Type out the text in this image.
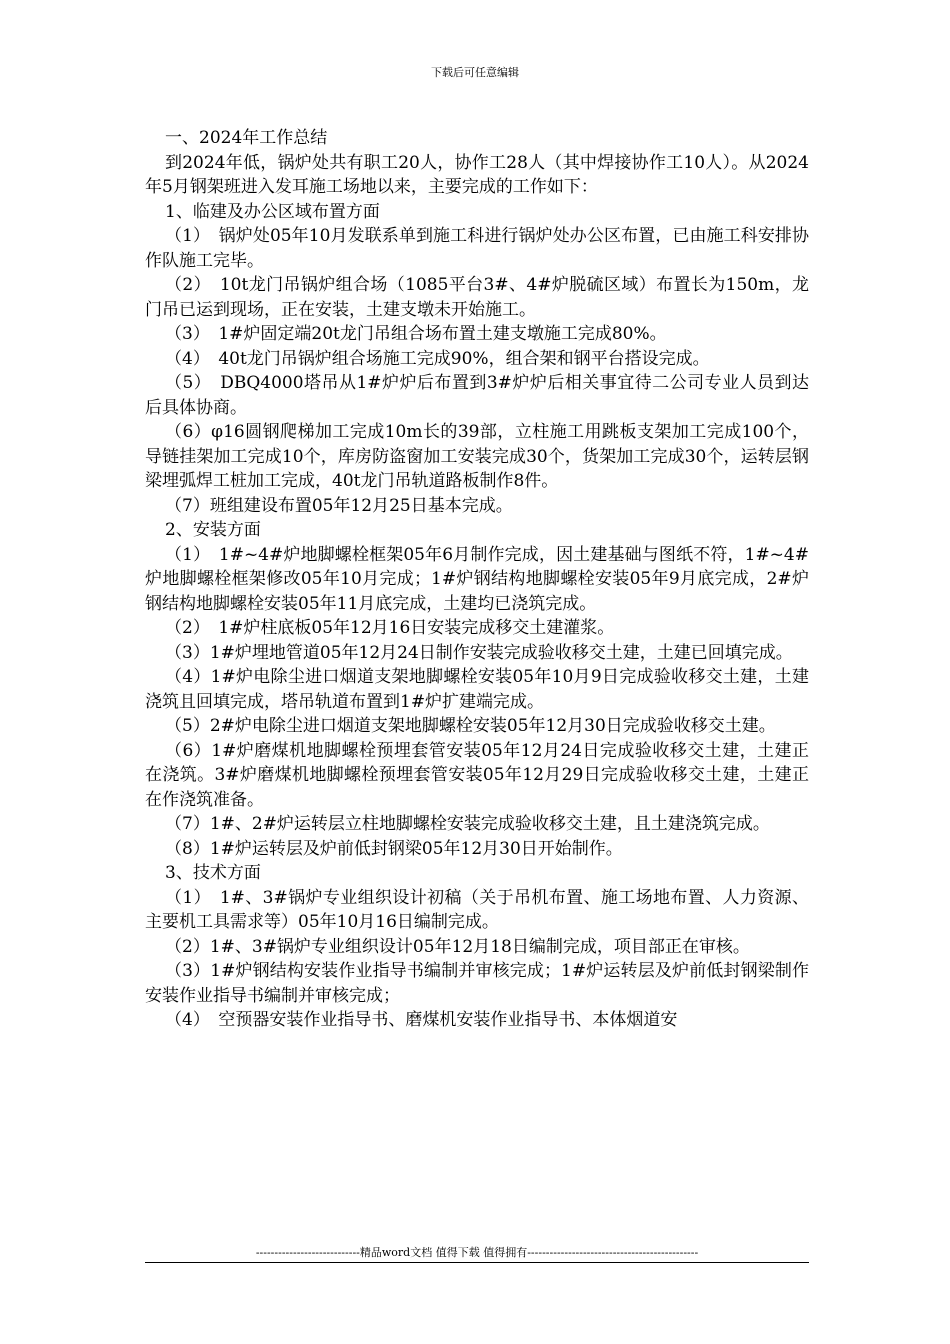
下载后可任意编辑

一、2024年工作总结

到2024年低，锅炉处共有职工20人，协作工28人（其中焊接协作工10人）。从2024年5月钢架班进入发耳施工场地以来，主要完成的工作如下：

1、临建及办公区域布置方面

（1）　锅炉处05年10月发联系单到施工科进行锅炉处办公区布置，已由施工科安排协作队施工完毕。

（2）　10t龙门吊锅炉组合场（1085平台3#、4#炉脱硫区域）布置长为150m，龙门吊已运到现场，正在安装，土建支墩未开始施工。

（3）　1#炉固定端20t龙门吊组合场布置土建支墩施工完成80%。

（4）　40t龙门吊锅炉组合场施工完成90%，组合架和钢平台搭设完成。

（5）　DBQ4000塔吊从1#炉炉后布置到3#炉炉后相关事宜待二公司专业人员到达后具体协商。

（6）φ16圆钢爬梯加工完成10m长的39部，立柱施工用跳板支架加工完成100个，导链挂架加工完成10个，库房防盗窗加工安装完成30个，货架加工完成30个，运转层钢梁埋弧焊工桩加工完成，40t龙门吊轨道路板制作8件。

（7）班组建设布置05年12月25日基本完成。

2、安装方面

（1）　1#~4#炉地脚螺栓框架05年6月制作完成，因土建基础与图纸不符，1#~4#炉地脚螺栓框架修改05年10月完成；1#炉钢结构地脚螺栓安装05年9月底完成，2#炉钢结构地脚螺栓安装05年11月底完成，土建均已浇筑完成。

（2）　1#炉柱底板05年12月16日安装完成移交土建灌浆。

（3）1#炉埋地管道05年12月24日制作安装完成验收移交土建，土建已回填完成。

（4）1#炉电除尘进口烟道支架地脚螺栓安装05年10月9日完成验收移交土建，土建浇筑且回填完成，塔吊轨道布置到1#炉扩建端完成。

（5）2#炉电除尘进口烟道支架地脚螺栓安装05年12月30日完成验收移交土建。

（6）1#炉磨煤机地脚螺栓预埋套管安装05年12月24日完成验收移交土建，土建正在浇筑。3#炉磨煤机地脚螺栓预埋套管安装05年12月29日完成验收移交土建，土建正在作浇筑准备。

（7）1#、2#炉运转层立柱地脚螺栓安装完成验收移交土建，且土建浇筑完成。

（8）1#炉运转层及炉前低封钢梁05年12月30日开始制作。

3、技术方面

（1）　1#、3#锅炉专业组织设计初稿（关于吊机布置、施工场地布置、人力资源、主要机工具需求等）05年10月16日编制完成。

（2）1#、3#锅炉专业组织设计05年12月18日编制完成，项目部正在审核。

（3）1#炉钢结构安装作业指导书编制并审核完成；1#炉运转层及炉前低封钢梁制作安装作业指导书编制并审核完成；

（4）　空预器安装作业指导书、磨煤机安装作业指导书、本体烟道安

----------------------------精品word文档 值得下载 值得拥有----------------------------------------------
